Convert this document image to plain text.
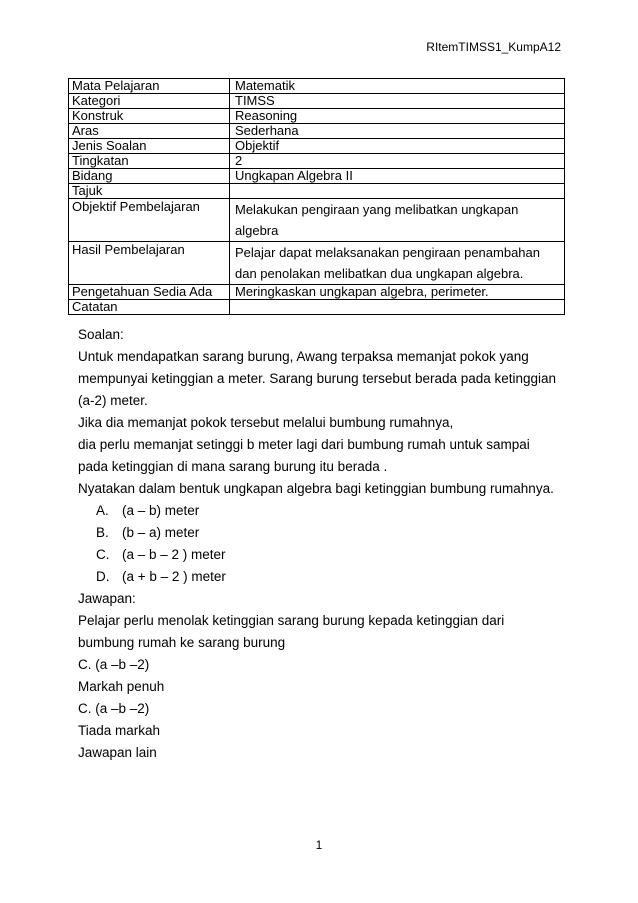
RItemTIMSS1_KumpA12
Mata Pelajaran	Matematik
Kategori	TIMSS
Konstruk	Reasoning
Aras	Sederhana
Jenis Soalan	Objektif
Tingkatan	2
Bidang	Ungkapan Algebra II
Tajuk	
Objektif Pembelajaran	Melakukan pengiraan yang melibatkan ungkapan algebra
Hasil Pembelajaran	Pelajar dapat melaksanakan pengiraan penambahan dan penolakan melibatkan dua ungkapan algebra.
Pengetahuan Sedia Ada	Meringkaskan ungkapan algebra, perimeter.
Catatan	

Soalan:

Untuk mendapatkan sarang burung, Awang terpaksa memanjat pokok yang mempunyai ketinggian a meter. Sarang burung tersebut berada pada ketinggian (a-2) meter.

Jika dia memanjat pokok tersebut melalui bumbung rumahnya,

dia perlu memanjat setinggi b meter lagi dari bumbung rumah untuk sampai pada ketinggian di mana sarang burung itu berada .

Nyatakan dalam bentuk ungkapan algebra bagi ketinggian bumbung rumahnya.

A. (a – b) meter
B. (b – a) meter
C. (a – b – 2 ) meter
D. (a + b – 2 ) meter

Jawapan:

Pelajar perlu menolak ketinggian sarang burung kepada ketinggian dari bumbung rumah ke sarang burung

C. (a –b –2)

Markah penuh

C. (a –b –2)

Tiada markah

Jawapan lain

1
